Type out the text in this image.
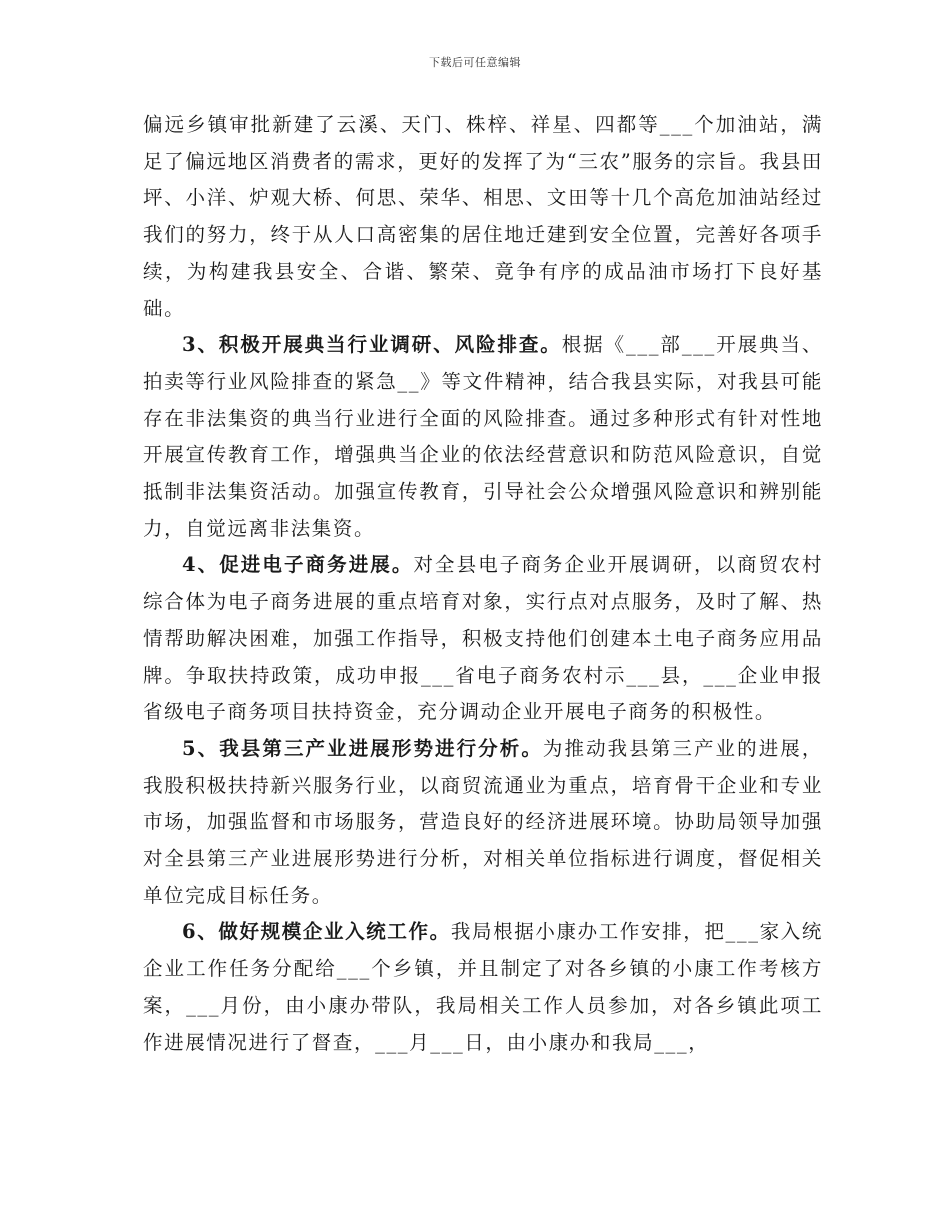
下载后可任意编辑

偏远乡镇审批新建了云溪、天门、株梓、祥星、四都等___个加油站，满足了偏远地区消费者的需求，更好的发挥了为“三农”服务的宗旨。我县田坪、小洋、炉观大桥、何思、荣华、相思、文田等十几个高危加油站经过我们的努力，终于从人口高密集的居住地迁建到安全位置，完善好各项手续，为构建我县安全、合谐、繁荣、竟争有序的成品油市场打下良好基础。

3、积极开展典当行业调研、风险排查。根据《___部___开展典当、拍卖等行业风险排查的紧急__》等文件精神，结合我县实际，对我县可能存在非法集资的典当行业进行全面的风险排查。通过多种形式有针对性地开展宣传教育工作，增强典当企业的依法经营意识和防范风险意识，自觉抵制非法集资活动。加强宣传教育，引导社会公众增强风险意识和辨别能力，自觉远离非法集资。

4、促进电子商务进展。对全县电子商务企业开展调研，以商贸农村综合体为电子商务进展的重点培育对象，实行点对点服务，及时了解、热情帮助解决困难，加强工作指导，积极支持他们创建本土电子商务应用品牌。争取扶持政策，成功申报___省电子商务农村示___县，___企业申报省级电子商务项目扶持资金，充分调动企业开展电子商务的积极性。

5、我县第三产业进展形势进行分析。为推动我县第三产业的进展，我股积极扶持新兴服务行业，以商贸流通业为重点，培育骨干企业和专业市场，加强监督和市场服务，营造良好的经济进展环境。协助局领导加强对全县第三产业进展形势进行分析，对相关单位指标进行调度，督促相关单位完成目标任务。

6、做好规模企业入统工作。我局根据小康办工作安排，把___家入统企业工作任务分配给___个乡镇，并且制定了对各乡镇的小康工作考核方案，___月份，由小康办带队，我局相关工作人员参加，对各乡镇此项工作进展情况进行了督查，___月___日，由小康办和我局___，
